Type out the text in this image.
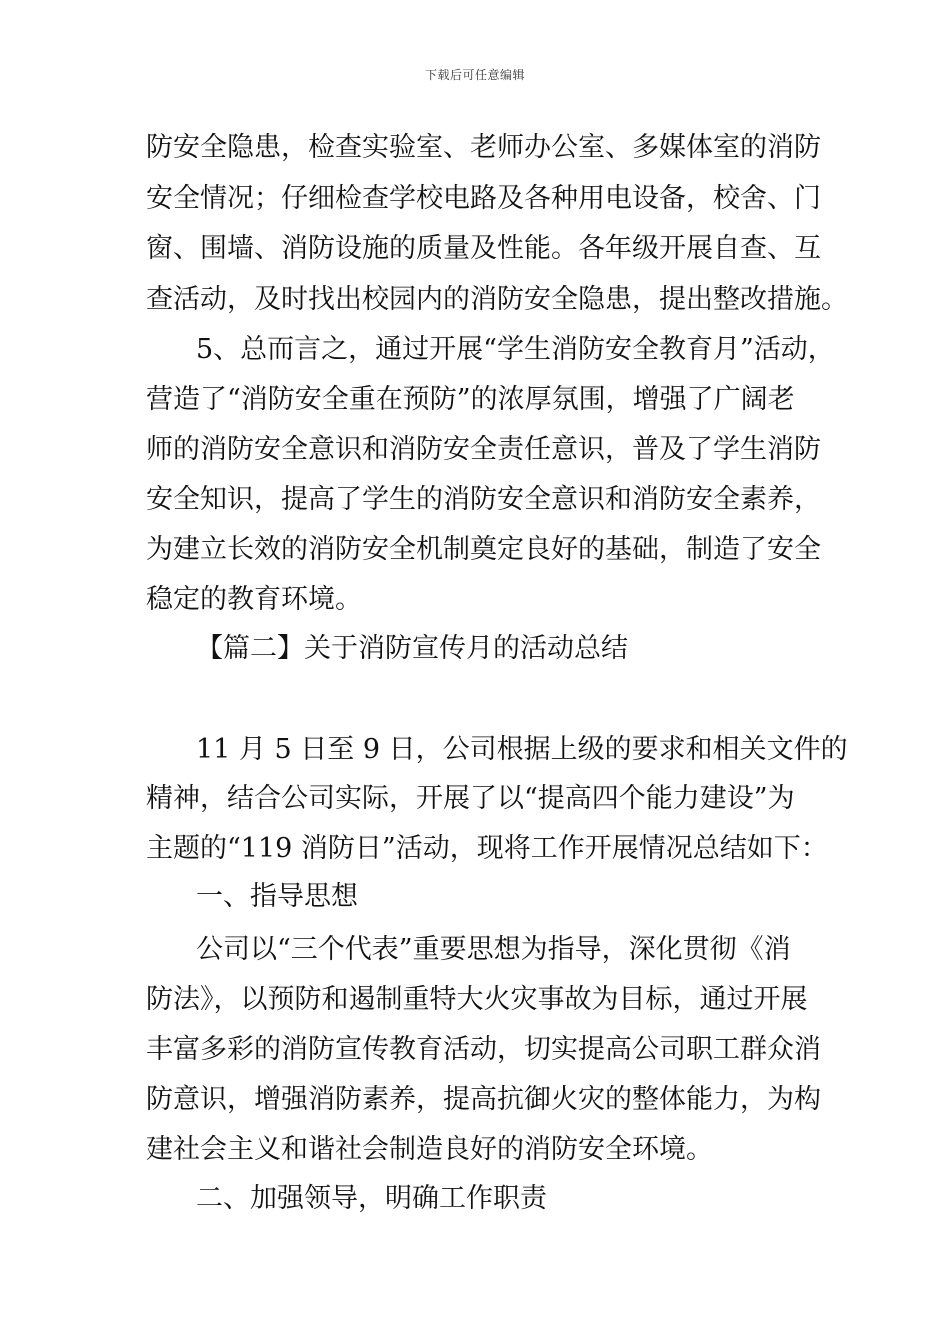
下载后可任意编辑
防安全隐患，检查实验室、老师办公室、多媒体室的消防
安全情况；仔细检查学校电路及各种用电设备，校舍、门
窗、围墙、消防设施的质量及性能。各年级开展自查、互
查活动，及时找出校园内的消防安全隐患，提出整改措施。
5、总而言之，通过开展“学生消防安全教育月”活动，
营造了“消防安全重在预防”的浓厚氛围，增强了广阔老
师的消防安全意识和消防安全责任意识，普及了学生消防
安全知识，提高了学生的消防安全意识和消防安全素养，
为建立长效的消防安全机制奠定良好的基础，制造了安全
稳定的教育环境。
【篇二】关于消防宣传月的活动总结
11 月 5 日至 9 日，公司根据上级的要求和相关文件的
精神，结合公司实际，开展了以“提高四个能力建设”为
主题的“119 消防日”活动，现将工作开展情况总结如下：
一、指导思想
公司以“三个代表”重要思想为指导，深化贯彻《消
防法》，以预防和遏制重特大火灾事故为目标，通过开展
丰富多彩的消防宣传教育活动，切实提高公司职工群众消
防意识，增强消防素养，提高抗御火灾的整体能力，为构
建社会主义和谐社会制造良好的消防安全环境。
二、加强领导，明确工作职责
